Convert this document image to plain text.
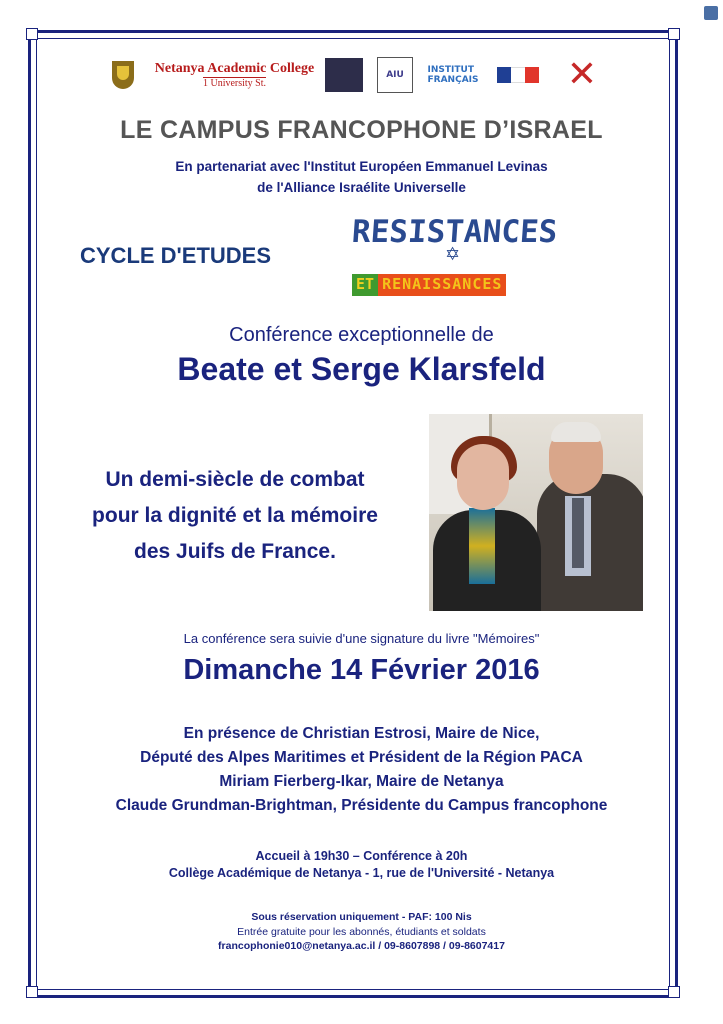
Netanya Academic College
1 University St.
AIU	INSTITUT FRANÇAIS ✕
LE CAMPUS FRANCOPHONE D’ISRAEL
En partenariat avec l'Institut Européen Emmanuel Levinas
de l'Alliance Israélite Universelle
CYCLE D'ETUDES
RESISTANCES
✡
ET RENAISSANCES
Conférence exceptionnelle de
Beate et Serge Klarsfeld
Un demi-siècle de combat
pour la dignité et la mémoire
des Juifs de France.
La conférence sera suivie d'une signature du livre "Mémoires"
Dimanche 14 Février 2016
En présence de Christian Estrosi, Maire de Nice,
Député des Alpes Maritimes et Président de la Région PACA
Miriam Fierberg-Ikar, Maire de Netanya
Claude Grundman-Brightman, Présidente du Campus francophone
Accueil à 19h30 – Conférence à 20h
Collège Académique de Netanya - 1, rue de l'Université - Netanya
Sous réservation uniquement - PAF: 100 Nis
Entrée gratuite pour les abonnés, étudiants et soldats
francophonie010@netanya.ac.il / 09-8607898 / 09-8607417
